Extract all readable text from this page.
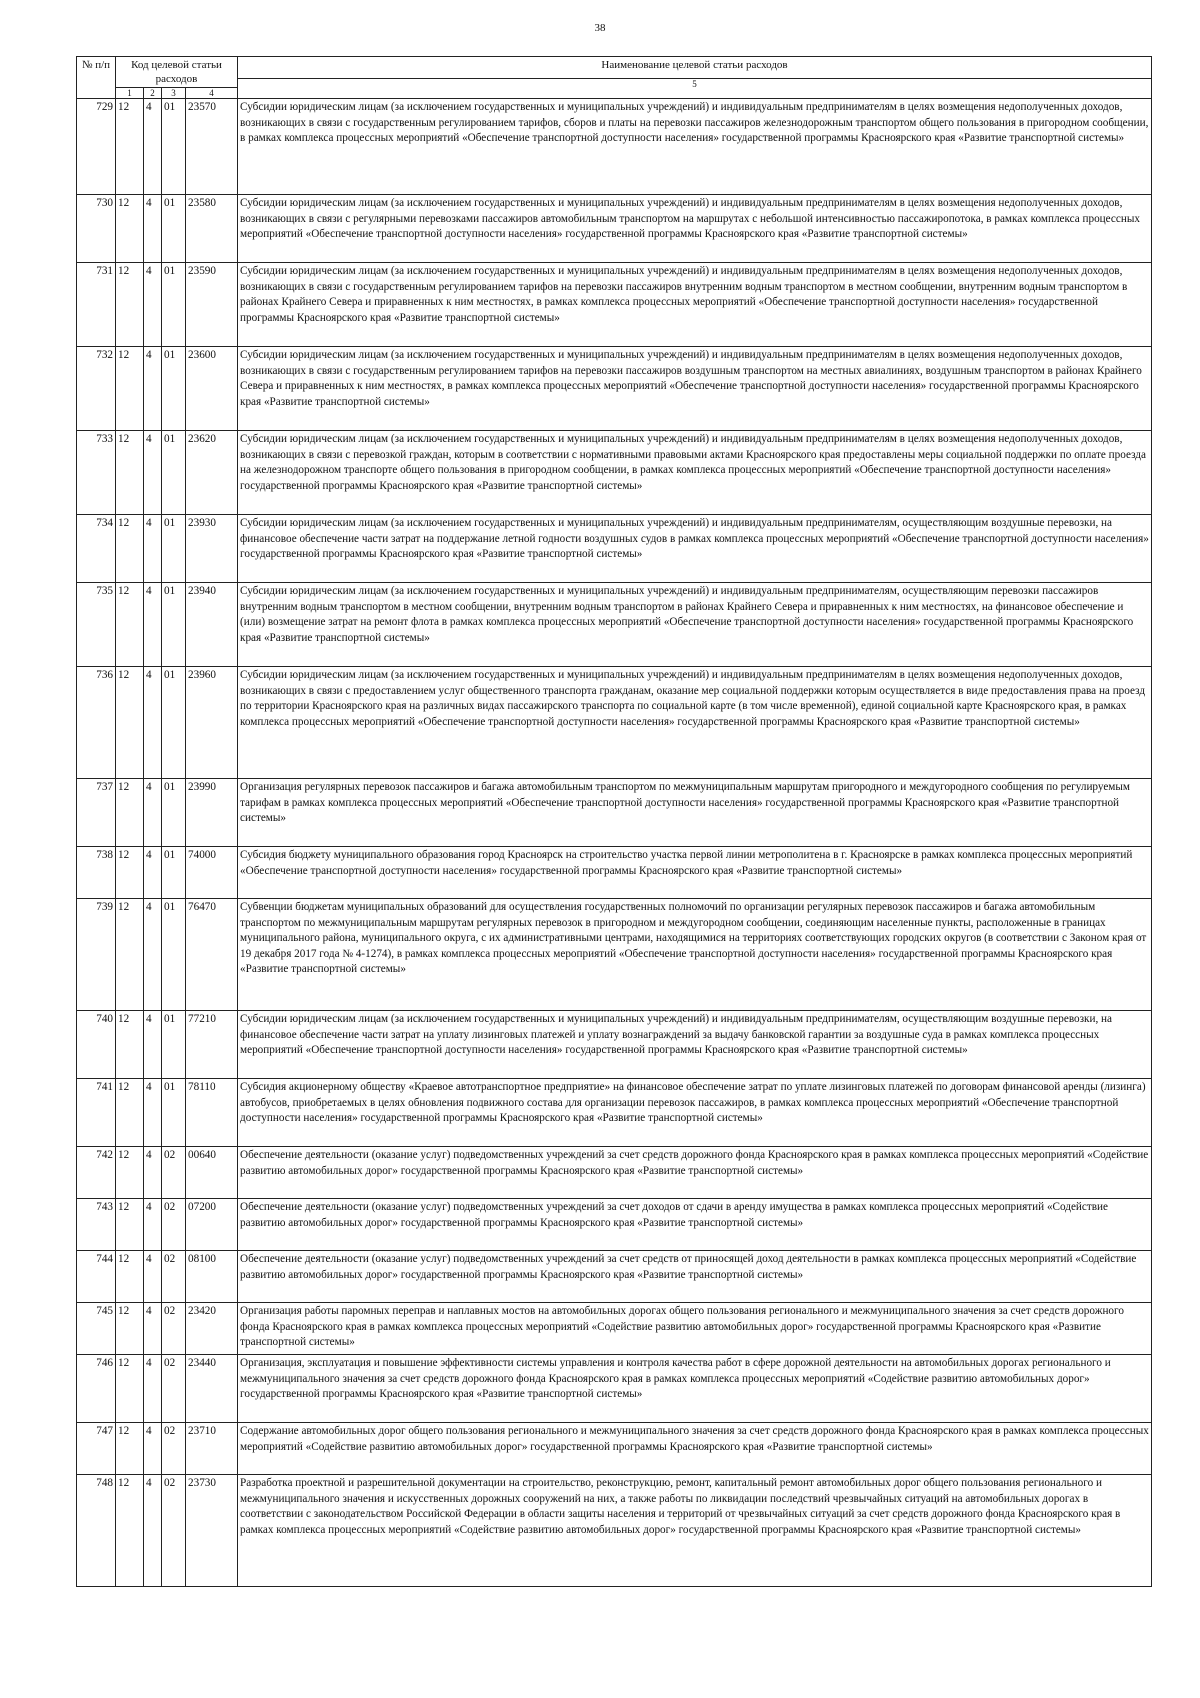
38
№ п/п	Код целевой статьи расходов				Наименование целевой статьи расходов
5

	1	2	3	4	
729	12	4	01	23570	Субсидии юридическим лицам (за исключением государственных и муниципальных учреждений) и индивидуальным предпринимателям в целях возмещения недополученных доходов, возникающих в связи с государственным регулированием тарифов, сборов и платы на перевозки пассажиров железнодорожным транспортом общего пользования в пригородном сообщении, в рамках комплекса процессных мероприятий «Обеспечение транспортной доступности населения» государственной программы Красноярского края «Развитие транспортной системы»
730	12	4	01	23580	Субсидии юридическим лицам (за исключением государственных и муниципальных учреждений) и индивидуальным предпринимателям в целях возмещения недополученных доходов, возникающих в связи с регулярными перевозками пассажиров автомобильным транспортом на маршрутах с небольшой интенсивностью пассажиропотока, в рамках комплекса процессных мероприятий «Обеспечение транспортной доступности населения» государственной программы Красноярского края «Развитие транспортной системы»
731	12	4	01	23590	Субсидии юридическим лицам (за исключением государственных и муниципальных учреждений) и индивидуальным предпринимателям в целях возмещения недополученных доходов, возникающих в связи с государственным регулированием тарифов на перевозки пассажиров внутренним водным транспортом в местном сообщении, внутренним водным транспортом в районах Крайнего Севера и приравненных к ним местностях, в рамках комплекса процессных мероприятий «Обеспечение транспортной доступности населения» государственной программы Красноярского края «Развитие транспортной системы»
732	12	4	01	23600	Субсидии юридическим лицам (за исключением государственных и муниципальных учреждений) и индивидуальным предпринимателям в целях возмещения недополученных доходов, возникающих в связи с государственным регулированием тарифов на перевозки пассажиров воздушным транспортом на местных авиалиниях, воздушным транспортом в районах Крайнего Севера и приравненных к ним местностях, в рамках комплекса процессных мероприятий «Обеспечение транспортной доступности населения» государственной программы Красноярского края «Развитие транспортной системы»
733	12	4	01	23620	Субсидии юридическим лицам (за исключением государственных и муниципальных учреждений) и индивидуальным предпринимателям в целях возмещения недополученных доходов, возникающих в связи с перевозкой граждан, которым в соответствии с нормативными правовыми актами Красноярского края предоставлены меры социальной поддержки по оплате проезда на железнодорожном транспорте общего пользования в пригородном сообщении, в рамках комплекса процессных мероприятий «Обеспечение транспортной доступности населения» государственной программы Красноярского края «Развитие транспортной системы»
734	12	4	01	23930	Субсидии юридическим лицам (за исключением государственных и муниципальных учреждений) и индивидуальным предпринимателям, осуществляющим воздушные перевозки, на финансовое обеспечение части затрат на поддержание летной годности воздушных судов в рамках комплекса процессных мероприятий «Обеспечение транспортной доступности населения» государственной программы Красноярского края «Развитие транспортной системы»
735	12	4	01	23940	Субсидии юридическим лицам (за исключением государственных и муниципальных учреждений) и индивидуальным предпринимателям, осуществляющим перевозки пассажиров внутренним водным транспортом в местном сообщении, внутренним водным транспортом в районах Крайнего Севера и приравненных к ним местностях, на финансовое обеспечение и (или) возмещение затрат на ремонт флота в рамках комплекса процессных мероприятий «Обеспечение транспортной доступности населения» государственной программы Красноярского края «Развитие транспортной системы»
736	12	4	01	23960	Субсидии юридическим лицам (за исключением государственных и муниципальных учреждений) и индивидуальным предпринимателям в целях возмещения недополученных доходов, возникающих в связи с предоставлением услуг общественного транспорта гражданам, оказание мер социальной поддержки которым осуществляется в виде предоставления права на проезд по территории Красноярского края на различных видах пассажирского транспорта по социальной карте (в том числе временной), единой социальной карте Красноярского края, в рамках комплекса процессных мероприятий «Обеспечение транспортной доступности населения» государственной программы Красноярского края «Развитие транспортной системы»
737	12	4	01	23990	Организация регулярных перевозок пассажиров и багажа автомобильным транспортом по межмуниципальным маршрутам пригородного и междугородного сообщения по регулируемым тарифам в рамках комплекса процессных мероприятий «Обеспечение транспортной доступности населения» государственной программы Красноярского края «Развитие транспортной системы»
738	12	4	01	74000	Субсидия бюджету муниципального образования город Красноярск на строительство участка первой линии метрополитена в г. Красноярске в рамках комплекса процессных мероприятий «Обеспечение транспортной доступности населения» государственной программы Красноярского края «Развитие транспортной системы»
739	12	4	01	76470	Субвенции бюджетам муниципальных образований для осуществления государственных полномочий по организации регулярных перевозок пассажиров и багажа автомобильным транспортом по межмуниципальным маршрутам регулярных перевозок в пригородном и междугородном сообщении, соединяющим населенные пункты, расположенные в границах муниципального района, муниципального округа, с их административными центрами, находящимися на территориях соответствующих городских округов (в соответствии с Законом края от 19 декабря 2017 года № 4-1274), в рамках комплекса процессных мероприятий «Обеспечение транспортной доступности населения» государственной программы Красноярского края «Развитие транспортной системы»
740	12	4	01	77210	Субсидии юридическим лицам (за исключением государственных и муниципальных учреждений) и индивидуальным предпринимателям, осуществляющим воздушные перевозки, на финансовое обеспечение части затрат на уплату лизинговых платежей и уплату вознаграждений за выдачу банковской гарантии за воздушные суда в рамках комплекса процессных мероприятий «Обеспечение транспортной доступности населения» государственной программы Красноярского края «Развитие транспортной системы»
741	12	4	01	78110	Субсидия акционерному обществу «Краевое автотранспортное предприятие» на финансовое обеспечение затрат по уплате лизинговых платежей по договорам финансовой аренды (лизинга) автобусов, приобретаемых в целях обновления подвижного состава для организации перевозок пассажиров, в рамках комплекса процессных мероприятий «Обеспечение транспортной доступности населения» государственной программы Красноярского края «Развитие транспортной системы»
742	12	4	02	00640	Обеспечение деятельности (оказание услуг) подведомственных учреждений за счет средств дорожного фонда Красноярского края в рамках комплекса процессных мероприятий «Содействие развитию автомобильных дорог» государственной программы Красноярского края «Развитие транспортной системы»
743	12	4	02	07200	Обеспечение деятельности (оказание услуг) подведомственных учреждений за счет доходов от сдачи в аренду имущества в рамках комплекса процессных мероприятий «Содействие развитию автомобильных дорог» государственной программы Красноярского края «Развитие транспортной системы»
744	12	4	02	08100	Обеспечение деятельности (оказание услуг) подведомственных учреждений за счет средств от приносящей доход деятельности в рамках комплекса процессных мероприятий «Содействие развитию автомобильных дорог» государственной программы Красноярского края «Развитие транспортной системы»
745	12	4	02	23420	Организация работы паромных переправ и наплавных мостов на автомобильных дорогах общего пользования регионального и межмуниципального значения за счет средств дорожного фонда Красноярского края в рамках комплекса процессных мероприятий «Содействие развитию автомобильных дорог» государственной программы Красноярского края «Развитие транспортной системы»
746	12	4	02	23440	Организация, эксплуатация и повышение эффективности системы управления и контроля качества работ в сфере дорожной деятельности на автомобильных дорогах регионального и межмуниципального значения за счет средств дорожного фонда Красноярского края в рамках комплекса процессных мероприятий «Содействие развитию автомобильных дорог» государственной программы Красноярского края «Развитие транспортной системы»
747	12	4	02	23710	Содержание автомобильных дорог общего пользования регионального и межмуниципального значения за счет средств дорожного фонда Красноярского края в рамках комплекса процессных мероприятий «Содействие развитию автомобильных дорог» государственной программы Красноярского края «Развитие транспортной системы»
748	12	4	02	23730	Разработка проектной и разрешительной документации на строительство, реконструкцию, ремонт, капитальный ремонт автомобильных дорог общего пользования регионального и межмуниципального значения и искусственных дорожных сооружений на них, а также работы по ликвидации последствий чрезвычайных ситуаций на автомобильных дорогах в соответствии с законодательством Российской Федерации в области защиты населения и территорий от чрезвычайных ситуаций за счет средств дорожного фонда Красноярского края в рамках комплекса процессных мероприятий «Содействие развитию автомобильных дорог» государственной программы Красноярского края «Развитие транспортной системы»
